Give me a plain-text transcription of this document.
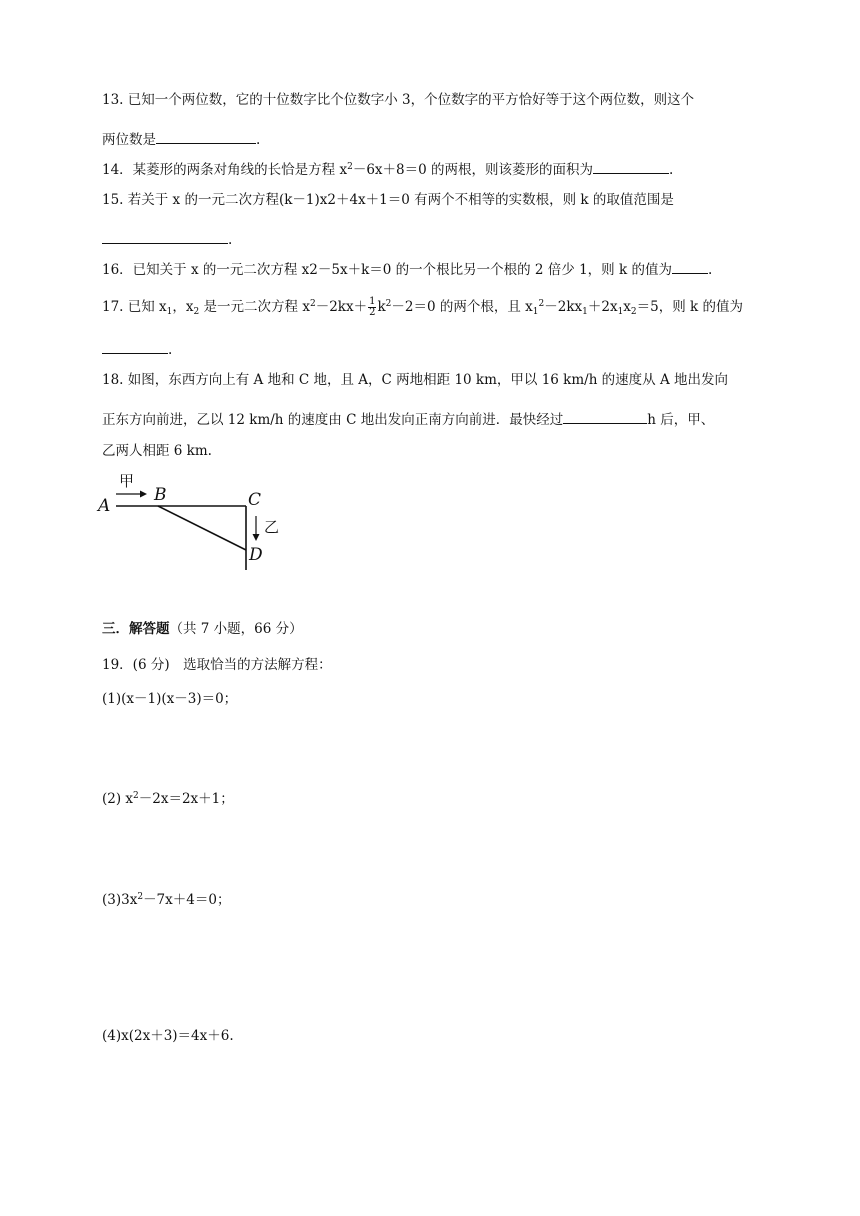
13. 已知一个两位数，它的十位数字比个位数字小 3，个位数字的平方恰好等于这个两位数，则这个
两位数是	.
14．某菱形的两条对角线的长恰是方程 $x^2-6x+8=0$ 的两根，则该菱形的面积为	.
15. 若关于 x 的一元二次方程(k－1)x2＋4x＋1＝0 有两个不相等的实数根，则 k 的取值范围是
.
16．已知关于 x 的一元二次方程 x2－5x＋k＝0 的一个根比另一个根的 2 倍少 1，则 k 的值为	.
17. 已知 $x_1$，$x_2$ 是一元二次方程 $x^2-2kx+ \frac{1}{2} k^2-2=0$ 的两个根，且 $x_1^2-2kx_1+2x_1x_2=5$，则 k 的值为
.
18. 如图，东西方向上有 A 地和 C 地，且 A，C 两地相距 10 km，甲以 16 km/h 的速度从 A 地出发向
正东方向前进，乙以 12 km/h 的速度由 C 地出发向正南方向前进．最快经过	h 后，甲、
乙两人相距 6 km.
A
B	C
D
甲
乙
三．解答题（共 7 小题，66 分）
19．(6 分)　选取恰当的方法解方程：
(1)(x－1)(x－3)＝0；
(2) $x^2-2x=2x+1$；
$(3)3x^2-7x+4=0$；
(4)x(2x＋3)＝4x＋6.
